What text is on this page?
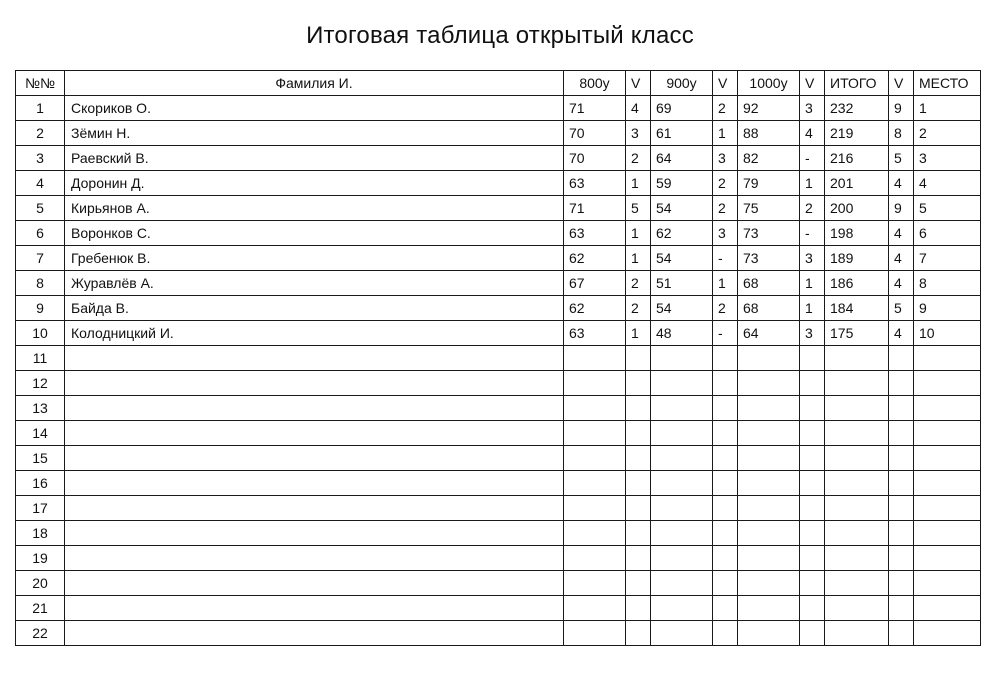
Итоговая таблица открытый класс
№№	Фамилия И.	800у	V	900у	V	1000у	V	ИТОГО	V	МЕСТО
1	Скориков О.	71	4	69	2	92	3	232	9	1
2	Зёмин Н.	70	3	61	1	88	4	219	8	2
3	Раевский В.	70	2	64	3	82	-	216	5	3
4	Доронин Д.	63	1	59	2	79	1	201	4	4
5	Кирьянов А.	71	5	54	2	75	2	200	9	5
6	Воронков С.	63	1	62	3	73	-	198	4	6
7	Гребенюк В.	62	1	54	-	73	3	189	4	7
8	Журавлёв А.	67	2	51	1	68	1	186	4	8
9	Байда В.	62	2	54	2	68	1	184	5	9
10	Колодницкий И.	63	1	48	-	64	3	175	4	10
11										
12										
13										
14										
15										
16										
17										
18										
19										
20										
21										
22										
